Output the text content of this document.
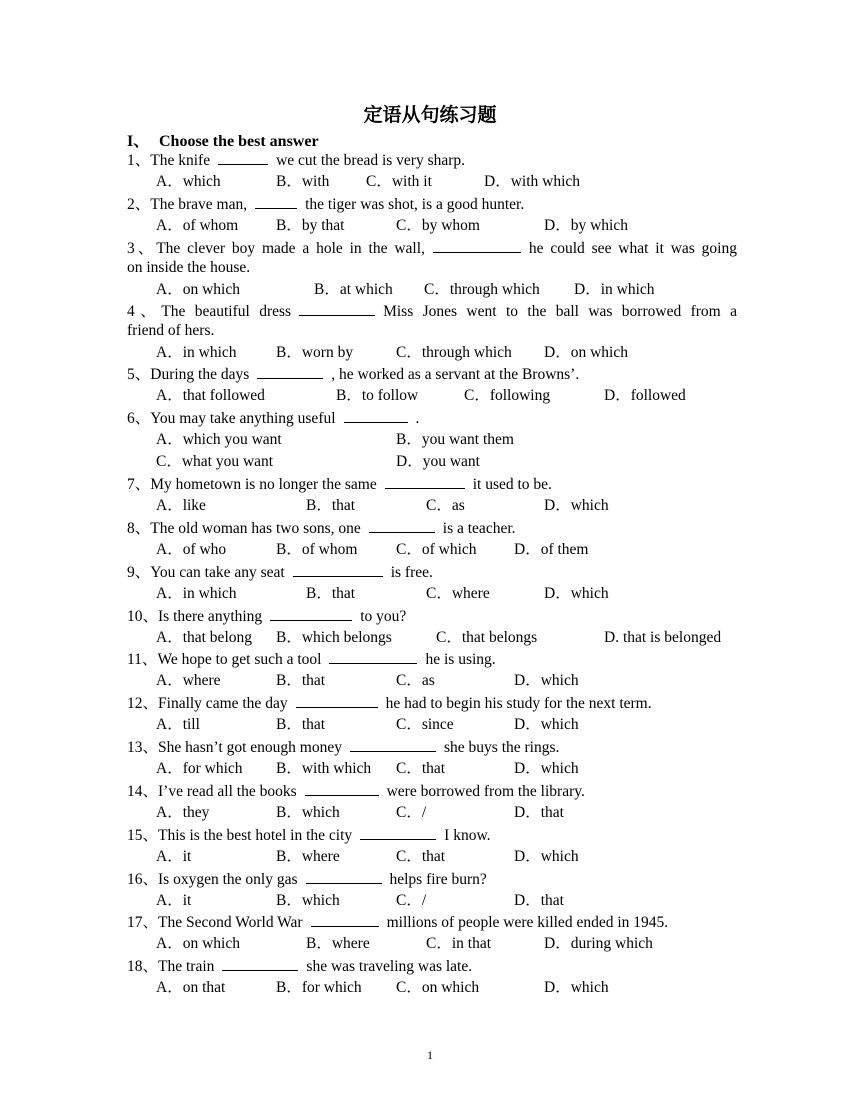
定语从句练习题
I、 Choose the best answer
1、The knife	we cut the bread is very sharp.
A．which	B．with C．with it	D．with which
2、The brave man,	the tiger was shot, is a good hunter.
A．of whom B．by that	C．by whom	D．by which
3、The clever boy made a hole in the wall,	he could see what it was going
on inside the house.
A．on which	B．at which C．through which D．in which
4、The beautiful dress	Miss Jones went to the ball was borrowed from a
friend of hers.
A．in which	B．worn by	C．through which D．on which
5、During the days	, he worked as a servant at the Browns’.
A．that followed	B．to follow	C．following	D．followed
6、You may take anything useful	.
A．which you want	B．you want them
C．what you want	D．you want
7、My hometown is no longer the same	it used to be.
A．like	B．that	C．as	D．which
8、The old woman has two sons, one	is a teacher.
A．of who	B．of whom C．of which D．of them
9、You can take any seat	is free.
A．in which	B．that	C．where	D．which
10、Is there anything	to you?
A．that belong B．which belongs	C．that belongs	D. that is belonged
11、We hope to get such a tool	he is using.
A．where	B．that	C．as	D．which
12、Finally came the day	he had to begin his study for the next term.
A．till	B．that	C．since	D．which
13、She hasn’t got enough money	she buys the rings.
A．for which B．with which C．that	D．which
14、I’ve read all the books	were borrowed from the library.
A．they	B．which	C．/	D．that
15、This is the best hotel in the city	I know.
A．it	B．where	C．that	D．which
16、Is oxygen the only gas	helps fire burn?
A．it	B．which	C．/	D．that
17、The Second World War	millions of people were killed ended in 1945.
A．on which	B．where	C．in that	D．during which
18、The train	she was traveling was late.
A．on that	B．for which C．on which	D．which
1
